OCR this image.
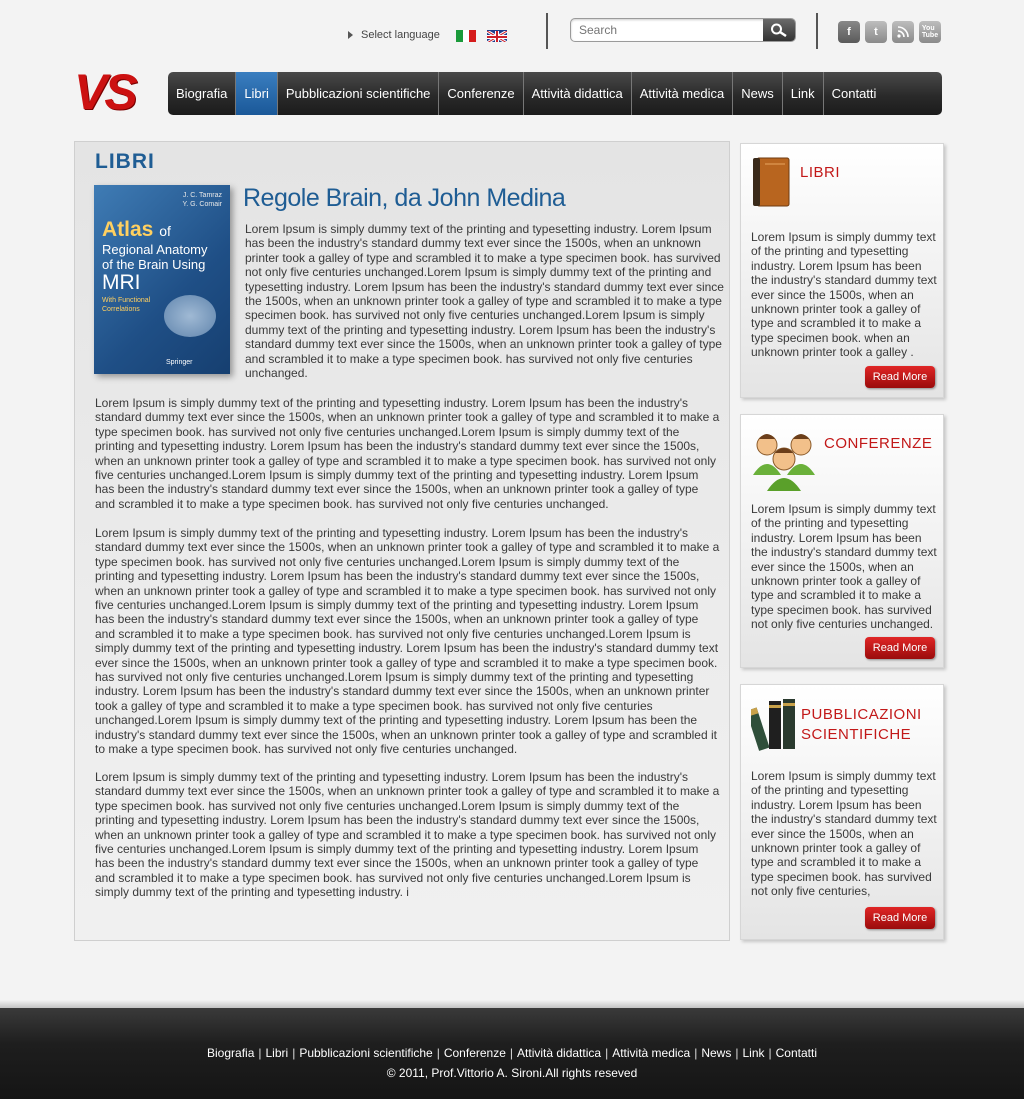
Select language
Search	f	t	You
Tube
VS	Biografia	Libri	Pubblicazioni scientifiche	Conferenze	Attività didattica	Attività medica	News	Link	Contatti
LIBRI
J. C. Tamraz
Y. G. Comair
Atlas of
Regional Anatomy
of the Brain Using
MRI
With Functional Correlations
Springer
Regole Brain, da John Medina
Lorem Ipsum is simply dummy text of the printing and typesetting industry. Lorem Ipsum has been the industry's standard dummy text ever since the 1500s, when an unknown printer took a galley of type and scrambled it to make a type specimen book. has survived not only five centuries unchanged.Lorem Ipsum is simply dummy text of the printing and typesetting industry. Lorem Ipsum has been the industry's standard dummy text ever since the 1500s, when an unknown printer took a galley of type and scrambled it to make a type specimen book. has survived not only five centuries unchanged.Lorem Ipsum is simply dummy text of the printing and typesetting industry. Lorem Ipsum has been the industry's standard dummy text ever since the 1500s, when an unknown printer took a galley of type and scrambled it to make a type specimen book. has survived not only five centuries unchanged.
Lorem Ipsum is simply dummy text of the printing and typesetting industry. Lorem Ipsum has been the industry's standard dummy text ever since the 1500s, when an unknown printer took a galley of type and scrambled it to make a type specimen book. has survived not only five centuries unchanged.Lorem Ipsum is simply dummy text of the printing and typesetting industry. Lorem Ipsum has been the industry's standard dummy text ever since the 1500s, when an unknown printer took a galley of type and scrambled it to make a type specimen book. has survived not only five centuries unchanged.Lorem Ipsum is simply dummy text of the printing and typesetting industry. Lorem Ipsum has been the industry's standard dummy text ever since the 1500s, when an unknown printer took a galley of type and scrambled it to make a type specimen book. has survived not only five centuries unchanged.
Lorem Ipsum is simply dummy text of the printing and typesetting industry. Lorem Ipsum has been the industry's standard dummy text ever since the 1500s, when an unknown printer took a galley of type and scrambled it to make a type specimen book. has survived not only five centuries unchanged.Lorem Ipsum is simply dummy text of the printing and typesetting industry. Lorem Ipsum has been the industry's standard dummy text ever since the 1500s, when an unknown printer took a galley of type and scrambled it to make a type specimen book. has survived not only five centuries unchanged.Lorem Ipsum is simply dummy text of the printing and typesetting industry. Lorem Ipsum has been the industry's standard dummy text ever since the 1500s, when an unknown printer took a galley of type and scrambled it to make a type specimen book. has survived not only five centuries unchanged.Lorem Ipsum is simply dummy text of the printing and typesetting industry. Lorem Ipsum has been the industry's standard dummy text ever since the 1500s, when an unknown printer took a galley of type and scrambled it to make a type specimen book. has survived not only five centuries unchanged.Lorem Ipsum is simply dummy text of the printing and typesetting industry. Lorem Ipsum has been the industry's standard dummy text ever since the 1500s, when an unknown printer took a galley of type and scrambled it to make a type specimen book. has survived not only five centuries unchanged.Lorem Ipsum is simply dummy text of the printing and typesetting industry. Lorem Ipsum has been the industry's standard dummy text ever since the 1500s, when an unknown printer took a galley of type and scrambled it to make a type specimen book. has survived not only five centuries unchanged.
Lorem Ipsum is simply dummy text of the printing and typesetting industry. Lorem Ipsum has been the industry's standard dummy text ever since the 1500s, when an unknown printer took a galley of type and scrambled it to make a type specimen book. has survived not only five centuries unchanged.Lorem Ipsum is simply dummy text of the printing and typesetting industry. Lorem Ipsum has been the industry's standard dummy text ever since the 1500s, when an unknown printer took a galley of type and scrambled it to make a type specimen book. has survived not only five centuries unchanged.Lorem Ipsum is simply dummy text of the printing and typesetting industry. Lorem Ipsum has been the industry's standard dummy text ever since the 1500s, when an unknown printer took a galley of type and scrambled it to make a type specimen book. has survived not only five centuries unchanged.Lorem Ipsum is simply dummy text of the printing and typesetting industry. i
LIBRI
Lorem Ipsum is simply dummy text of the printing and typesetting industry. Lorem Ipsum has been the industry's standard dummy text ever since the 1500s, when an unknown printer took a galley of type and scrambled it to make a type specimen book. when an unknown printer took a galley .
Read More
CONFERENZE
Lorem Ipsum is simply dummy text of the printing and typesetting industry. Lorem Ipsum has been the industry's standard dummy text ever since the 1500s, when an unknown printer took a galley of type and scrambled it to make a type specimen book. has survived not only five centuries unchanged.
Read More
PUBBLICAZIONI SCIENTIFICHE
Lorem Ipsum is simply dummy text of the printing and typesetting industry. Lorem Ipsum has been the industry's standard dummy text ever since the 1500s, when an unknown printer took a galley of type and scrambled it to make a type specimen book. has survived not only five centuries,
Read More
Biografia | Libri | Pubblicazioni scientifiche | Conferenze | Attività didattica | Attività medica | News | Link | Contatti
© 2011, Prof.Vittorio A. Sironi.All rights reseved
